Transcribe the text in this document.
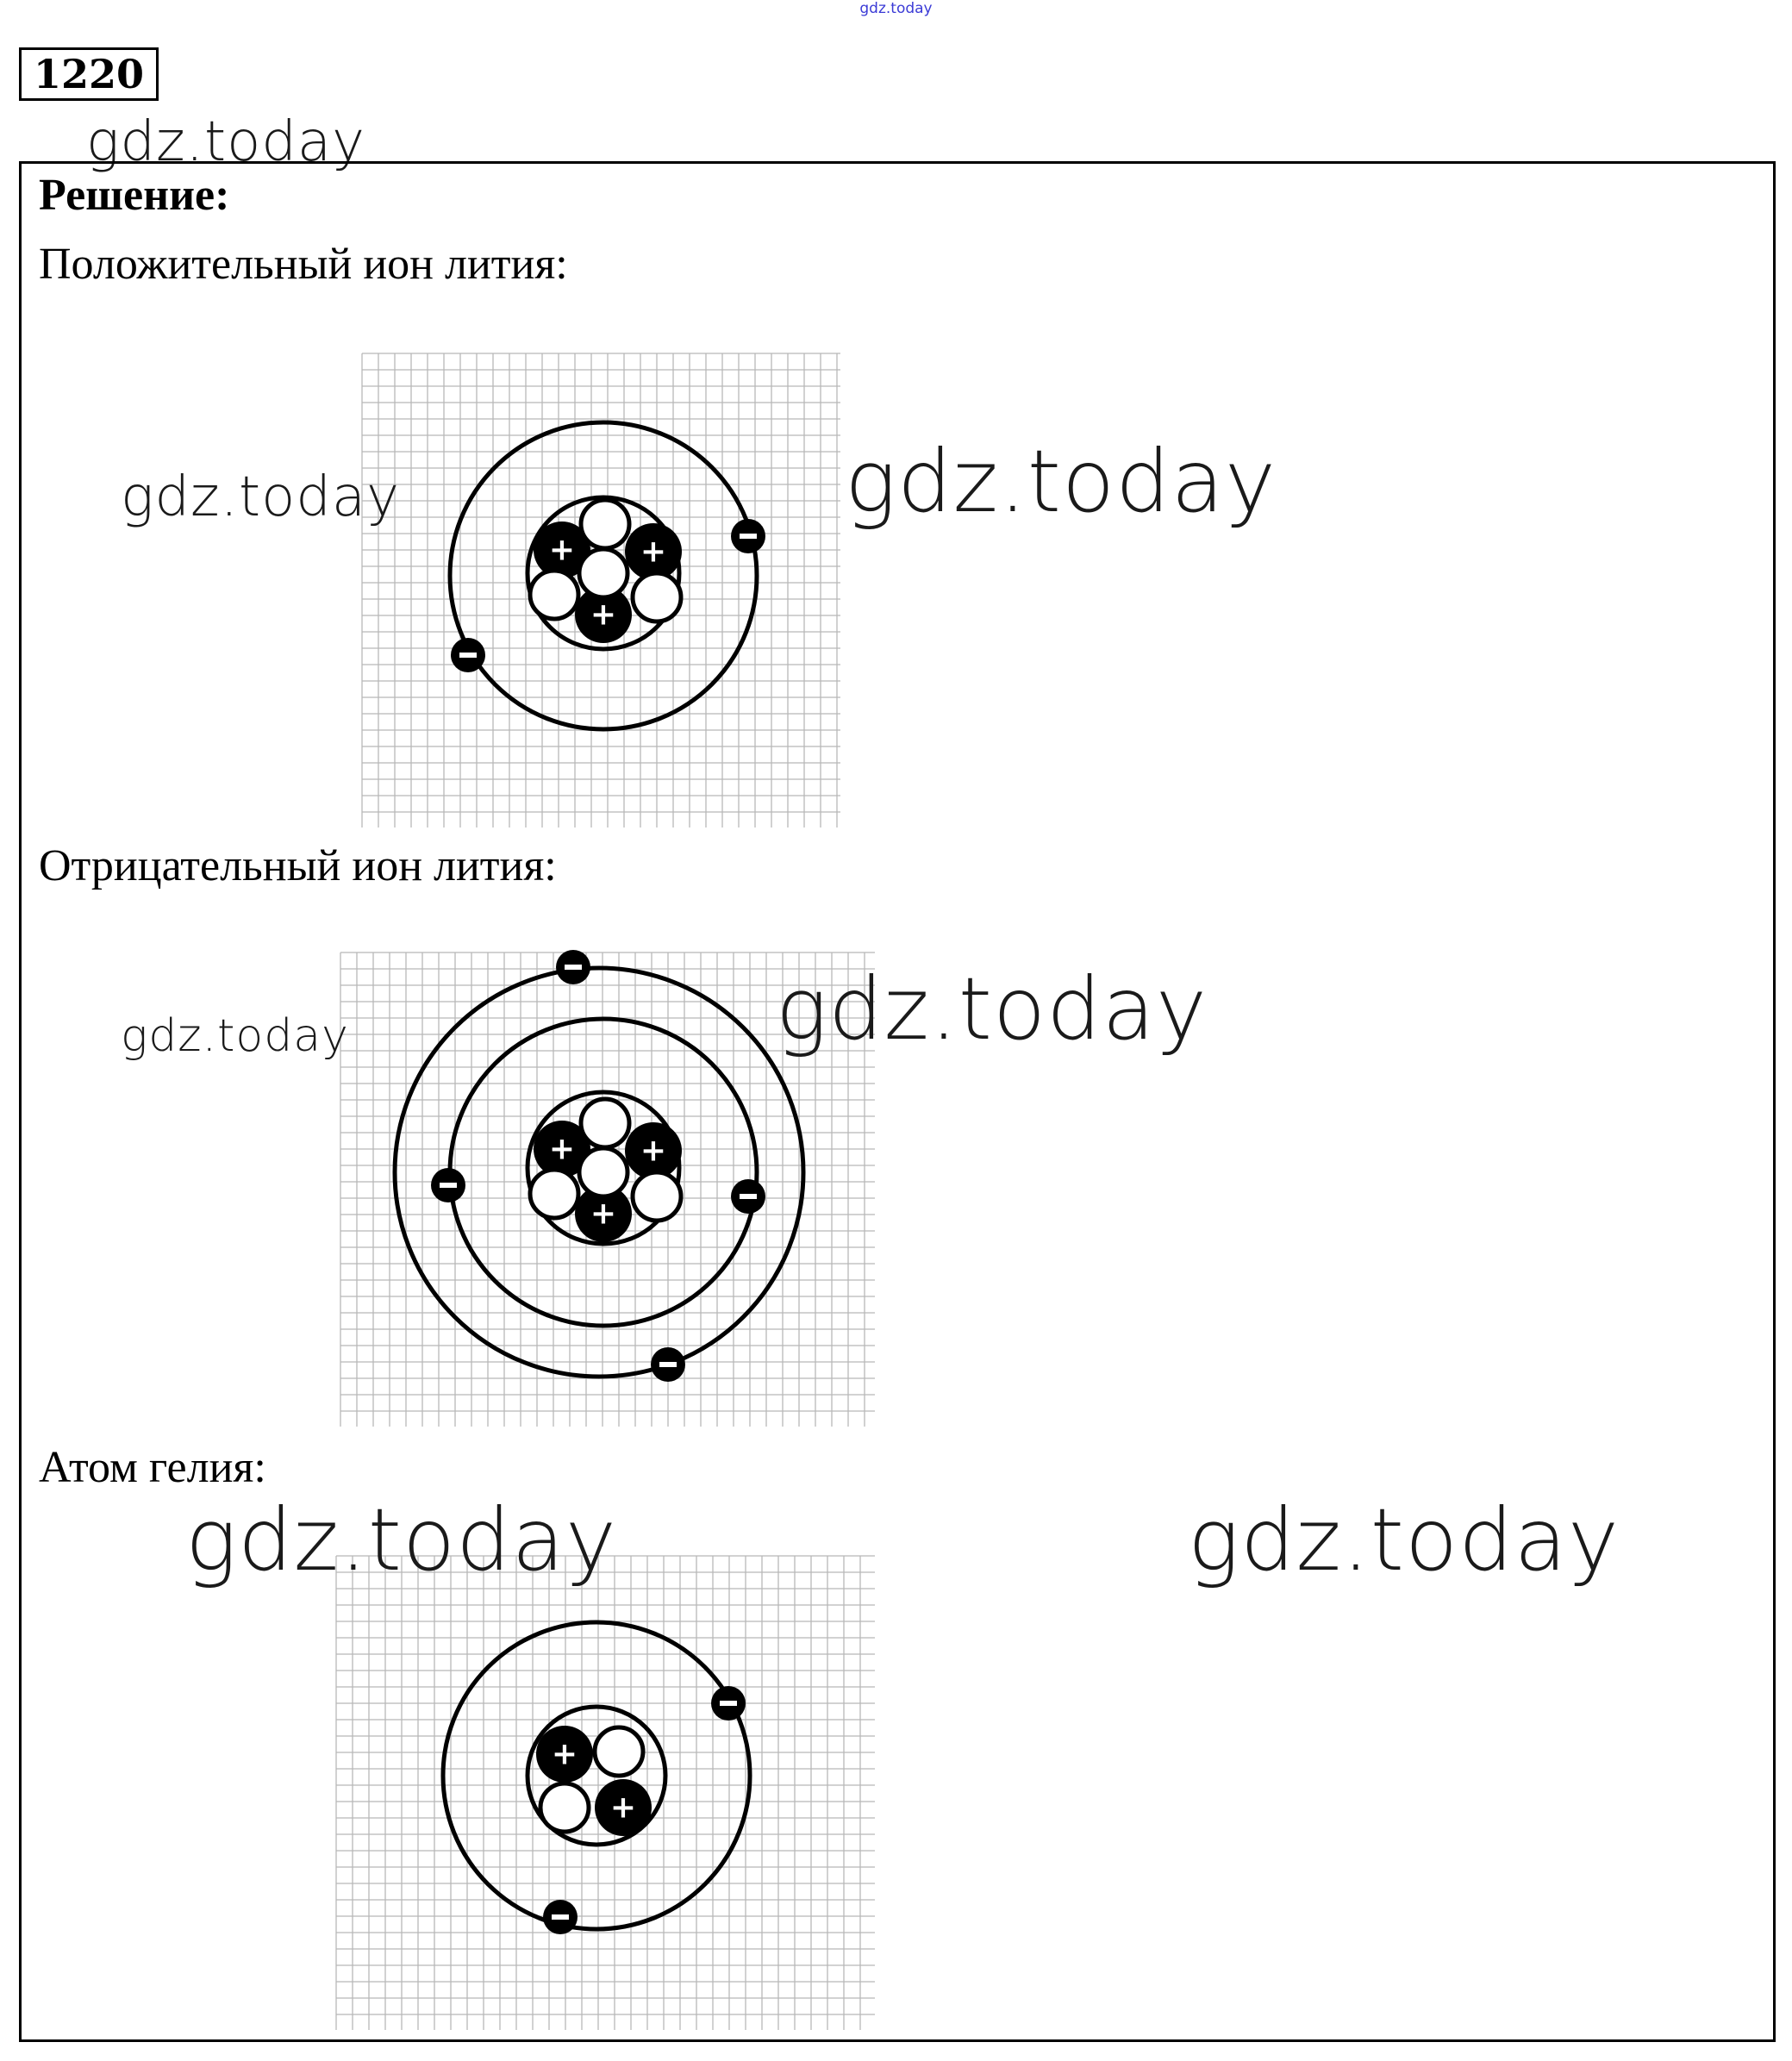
gdz.today
1220
gdz.today
Решение:
Положительный ион лития:
Отрицательный ион лития:
Атом гелия:
+ +
+
+ +
+
+
+
gdz.today	gdz.today
gdz.today	gdz.today
gdz.today	gdz.today
